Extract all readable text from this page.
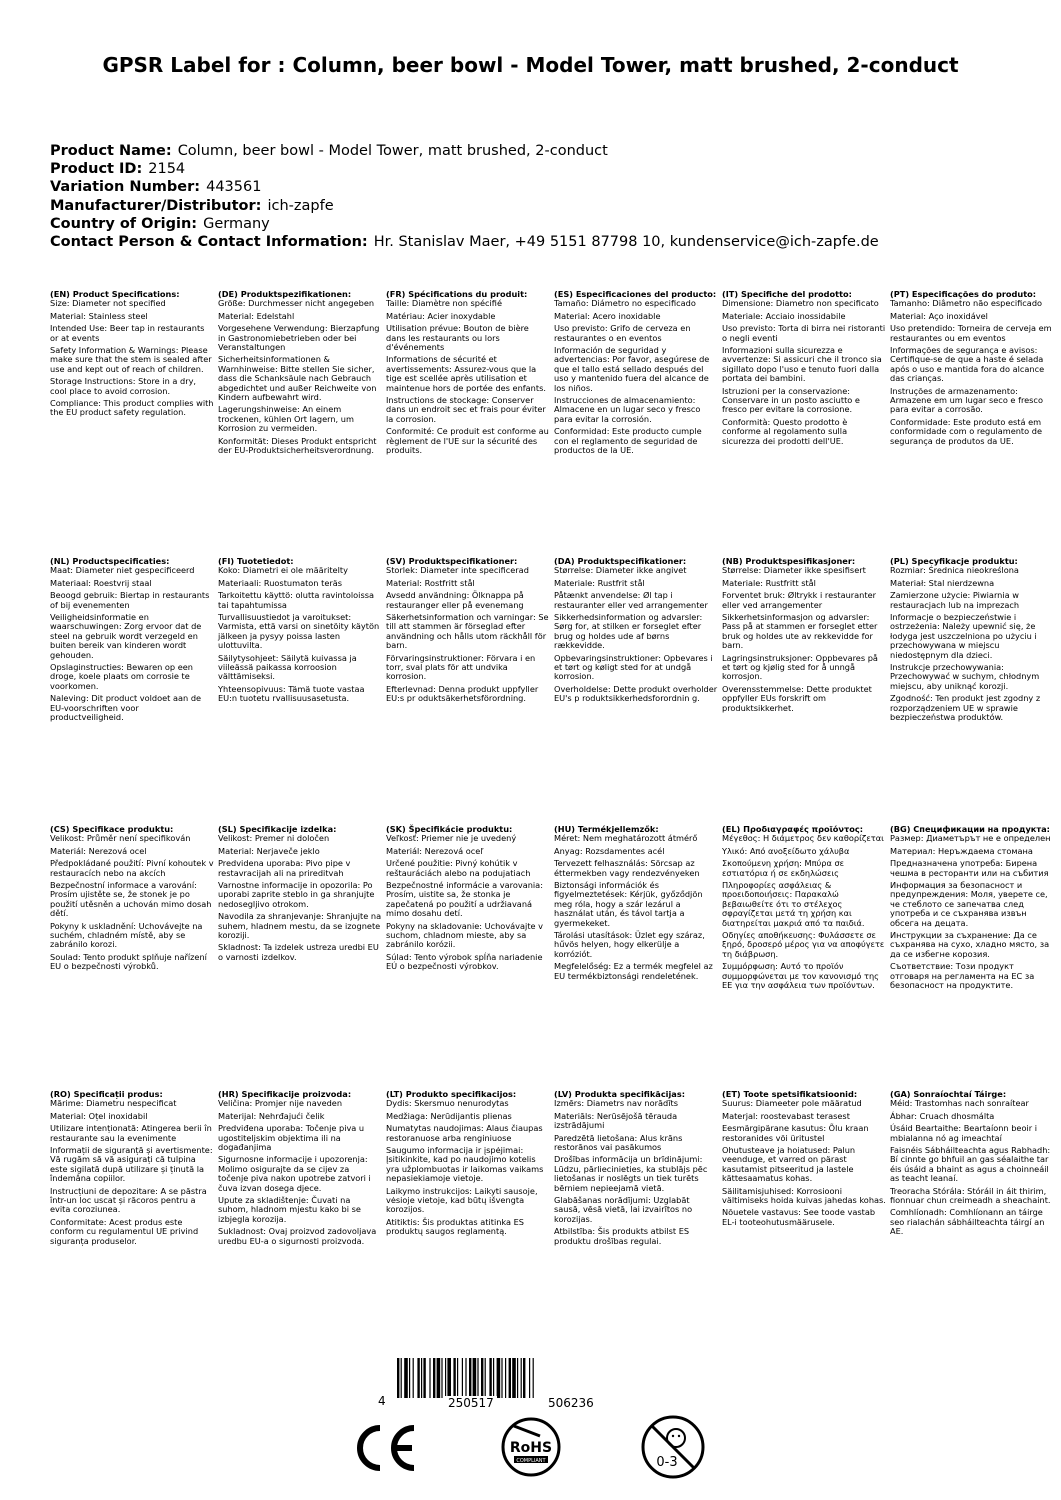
GPSR Label for : Column, beer bowl - Model Tower, matt brushed, 2-conduct
Product Name: Column, beer bowl - Model Tower, matt brushed, 2-conduct
Product ID: 2154
Variation Number: 443561
Manufacturer/Distributor: ich-zapfe
Country of Origin: Germany
Contact Person & Contact Information: Hr. Stanislav Maer, +49 5151 87798 10, kundenservice@ich-zapfe.de
(EN) Product Specifications:
Size: Diameter not specified
Material: Stainless steel
Intended Use: Beer tap in restaurants or at events
Safety Information & Warnings: Please make sure that the stem is sealed after use and kept out of reach of children.
Storage Instructions: Store in a dry, cool place to avoid corrosion.
Compliance: This product complies with the EU product safety regulation.
(DE) Produktspezifikationen:
Größe: Durchmesser nicht angegeben
Material: Edelstahl
Vorgesehene Verwendung: Bierzapfung in Gastronomiebetrieben oder bei Veranstaltungen
Sicherheitsinformationen & Warnhinweise: Bitte stellen Sie sicher, dass die Schanksäule nach Gebrauch abgedichtet und außer Reichweite von Kindern aufbewahrt wird.
Lagerungshinweise: An einem trockenen, kühlen Ort lagern, um Korrosion zu vermeiden.
Konformität: Dieses Produkt entspricht der EU-Produktsicherheitsverordnung.
(FR) Spécifications du produit:
Taille: Diamètre non spécifié
Matériau: Acier inoxydable
Utilisation prévue: Bouton de bière dans les restaurants ou lors d'événements
Informations de sécurité et avertissements: Assurez-vous que la tige est scellée après utilisation et maintenue hors de portée des enfants.
Instructions de stockage: Conserver dans un endroit sec et frais pour éviter la corrosion.
Conformité: Ce produit est conforme au règlement de l'UE sur la sécurité des produits.
(ES) Especificaciones del producto:
Tamaño: Diámetro no especificado
Material: Acero inoxidable
Uso previsto: Grifo de cerveza en restaurantes o en eventos
Información de seguridad y advertencias: Por favor, asegúrese de que el tallo está sellado después del uso y mantenido fuera del alcance de los niños.
Instrucciones de almacenamiento: Almacene en un lugar seco y fresco para evitar la corrosión.
Conformidad: Este producto cumple con el reglamento de seguridad de productos de la UE.
(IT) Specifiche del prodotto:
Dimensione: Diametro non specificato
Materiale: Acciaio inossidabile
Uso previsto: Torta di birra nei ristoranti o negli eventi
Informazioni sulla sicurezza e avvertenze: Si assicuri che il tronco sia sigillato dopo l'uso e tenuto fuori dalla portata dei bambini.
Istruzioni per la conservazione: Conservare in un posto asciutto e fresco per evitare la corrosione.
Conformità: Questo prodotto è conforme al regolamento sulla sicurezza dei prodotti dell'UE.
(PT) Especificações do produto:
Tamanho: Diâmetro não especificado
Material: Aço inoxidável
Uso pretendido: Torneira de cerveja em restaurantes ou em eventos
Informações de segurança e avisos: Certifique-se de que a haste é selada após o uso e mantida fora do alcance das crianças.
Instruções de armazenamento: Armazene em um lugar seco e fresco para evitar a corrosão.
Conformidade: Este produto está em conformidade com o regulamento de segurança de produtos da UE.
(NL) Productspecificaties:
Maat: Diameter niet gespecificeerd
Materiaal: Roestvrij staal
Beoogd gebruik: Biertap in restaurants of bij evenementen
Veiligheidsinformatie en waarschuwingen: Zorg ervoor dat de steel na gebruik wordt verzegeld en buiten bereik van kinderen wordt gehouden.
Opslaginstructies: Bewaren op een droge, koele plaats om corrosie te voorkomen.
Naleving: Dit product voldoet aan de EU-voorschriften voor productveiligheid.
(FI) Tuotetiedot:
Koko: Diametri ei ole määritelty
Materiaali: Ruostumaton teräs
Tarkoitettu käyttö: olutta ravintoloissa tai tapahtumissa
Turvallisuustiedot ja varoitukset: Varmista, että varsi on sinetöity käytön jälkeen ja pysyy poissa lasten ulottuvilta.
Säilytysohjeet: Säilytä kuivassa ja viileässä paikassa korroosion välttämiseksi.
Yhteensopivuus: Tämä tuote vastaa EU:n tuotetu rvallisuusasetusta.
(SV) Produktspecifikationer:
Storlek: Diameter inte specificerad
Material: Rostfritt stål
Avsedd användning: Ölknappa på restauranger eller på evenemang
Säkerhetsinformation och varningar: Se till att stammen är förseglad efter användning och hålls utom räckhåll för barn.
Förvaringsinstruktioner: Förvara i en torr, sval plats för att undvika korrosion.
Efterlevnad: Denna produkt uppfyller EU:s pr oduktsäkerhetsförordning.
(DA) Produktspecifikationer:
Størrelse: Diameter ikke angivet
Materiale: Rustfrit stål
Påtænkt anvendelse: Øl tap i restauranter eller ved arrangementer
Sikkerhedsinformation og advarsler: Sørg for, at stilken er forseglet efter brug og holdes ude af børns rækkevidde.
Opbevaringsinstruktioner: Opbevares i et tørt og køligt sted for at undgå korrosion.
Overholdelse: Dette produkt overholder EU's p roduktsikkerhedsforordnin g.
(NB) Produktspesifikasjoner:
Størrelse: Diameter ikke spesifisert
Materiale: Rustfritt stål
Forventet bruk: Øltrykk i restauranter eller ved arrangementer
Sikkerhetsinformasjon og advarsler: Pass på at stammen er forseglet etter bruk og holdes ute av rekkevidde for barn.
Lagringsinstruksjoner: Oppbevares på et tørt og kjølig sted for å unngå korrosjon.
Overensstemmelse: Dette produktet oppfyller EUs forskrift om produktsikkerhet.
(PL) Specyfikacje produktu:
Rozmiar: Średnica nieokreślona
Materiał: Stal nierdzewna
Zamierzone użycie: Piwiarnia w restauracjach lub na imprezach
Informacje o bezpieczeństwie i ostrzeżenia: Należy upewnić się, że łodyga jest uszczelniona po użyciu i przechowywana w miejscu niedostępnym dla dzieci.
Instrukcje przechowywania: Przechowywać w suchym, chłodnym miejscu, aby uniknąć korozji.
Zgodność: Ten produkt jest zgodny z rozporządzeniem UE w sprawie bezpieczeństwa produktów.
(CS) Specifikace produktu:
Velikost: Průměr není specifikován
Materiál: Nerezová ocel
Předpokládané použití: Pivní kohoutek v restauracích nebo na akcích
Bezpečnostní informace a varování: Prosím ujistěte se, že stonek je po použití utěsněn a uchován mimo dosah dětí.
Pokyny k uskladnění: Uchovávejte na suchém, chladném místě, aby se zabránilo korozi.
Soulad: Tento produkt splňuje nařízení EU o bezpečnosti výrobků.
(SL) Specifikacije izdelka:
Velikost: Premer ni določen
Material: Nerjaveče jeklo
Predvidena uporaba: Pivo pipe v restavracijah ali na prireditvah
Varnostne informacije in opozorila: Po uporabi zaprite steblo in ga shranjujte nedosegljivo otrokom.
Navodila za shranjevanje: Shranjujte na suhem, hladnem mestu, da se izognete koroziji.
Skladnost: Ta izdelek ustreza uredbi EU o varnosti izdelkov.
(SK) Špecifikácie produktu:
Veľkosť: Priemer nie je uvedený
Materiál: Nerezová oceľ
Určené použitie: Pivný kohútik v reštauráciách alebo na podujatiach
Bezpečnostné informácie a varovania: Prosím, uistite sa, že stonka je zapečatená po použití a udržiavaná mimo dosahu detí.
Pokyny na skladovanie: Uchovávajte v suchom, chladnom mieste, aby sa zabránilo korózii.
Súlad: Tento výrobok spĺňa nariadenie EÚ o bezpečnosti výrobkov.
(HU) Termékjellemzők:
Méret: Nem meghatározott átmérő
Anyag: Rozsdamentes acél
Tervezett felhasználás: Sörcsap az éttermekben vagy rendezvényeken
Biztonsági információk és figyelmeztetések: Kérjük, győződjön meg róla, hogy a szár lezárul a használat után, és távol tartja a gyermekeket.
Tárolási utasítások: Üzlet egy száraz, hűvös helyen, hogy elkerülje a korróziót.
Megfelelőség: Ez a termék megfelel az EU termékbiztonsági rendeletének.
(EL) Προδιαγραφές προϊόντος:
Μέγεθος: Η διάμετρος δεν καθορίζεται
Υλικό: Από ανοξείδωτο χάλυβα
Σκοπούμενη χρήση: Μπύρα σε εστιατόρια ή σε εκδηλώσεις
Πληροφορίες ασφάλειας & προειδοποιήσεις: Παρακαλώ βεβαιωθείτε ότι το στέλεχος σφραγίζεται μετά τη χρήση και διατηρείται μακριά από τα παιδιά.
Οδηγίες αποθήκευσης: Φυλάσσετε σε ξηρό, δροσερό μέρος για να αποφύγετε τη διάβρωση.
Συμμόρφωση: Αυτό το προϊόν συμμορφώνεται με τον κανονισμό της ΕΕ για την ασφάλεια των προϊόντων.
(BG) Спецификации на продукта:
Размер: Диаметърът не е определен
Материал: Неръждаема стомана
Предназначена употреба: Бирена чешма в ресторанти или на събития
Информация за безопасност и предупреждения: Моля, уверете се, че стеблото се запечатва след употреба и се съхранява извън обсега на децата.
Инструкции за съхранение: Да се съхранява на сухо, хладно място, за да се избегне корозия.
Съответствие: Този продукт отговаря на регламента на ЕС за безопасност на продуктите.
(RO) Specificații produs:
Mărime: Diametru nespecificat
Material: Oțel inoxidabil
Utilizare intenționată: Atingerea berii în restaurante sau la evenimente
Informații de siguranță și avertismente: Vă rugăm să vă asigurați că tulpina este sigilată după utilizare și ținută la îndemâna copiilor.
Instrucțiuni de depozitare: A se păstra într-un loc uscat și răcoros pentru a evita coroziunea.
Conformitate: Acest produs este conform cu regulamentul UE privind siguranța produselor.
(HR) Specifikacije proizvoda:
Veličina: Promjer nije naveden
Materijal: Nehrđajući čelik
Predviđena uporaba: Točenje piva u ugostiteljskim objektima ili na događanjima
Sigurnosne informacije i upozorenja: Molimo osigurajte da se cijev za točenje piva nakon upotrebe zatvori i čuva izvan dosega djece.
Upute za skladištenje: Čuvati na suhom, hladnom mjestu kako bi se izbjegla korozija.
Sukladnost: Ovaj proizvod zadovoljava uredbu EU-a o sigurnosti proizvoda.
(LT) Produkto specifikacijos:
Dydis: Skersmuo nenurodytas
Medžiaga: Nerūdijantis plienas
Numatytas naudojimas: Alaus čiaupas restoranuose arba renginiuose
Saugumo informacija ir įspėjimai: Įsitikinkite, kad po naudojimo kotelis yra užplombuotas ir laikomas vaikams nepasiekiamoje vietoje.
Laikymo instrukcijos: Laikyti sausoje, vėsioje vietoje, kad būtų išvengta korozijos.
Atitiktis: Šis produktas atitinka ES produktų saugos reglamentą.
(LV) Produkta specifikācijas:
Izmērs: Diametrs nav norādīts
Materiāls: Nerūsējošā tērauda izstrādājumi
Paredzētā lietošana: Alus krāns restorānos vai pasākumos
Drošības informācija un brīdinājumi: Lūdzu, pārliecinieties, ka stublājs pēc lietošanas ir noslēgts un tiek turēts bērniem nepieejamā vietā.
Glabāšanas norādījumi: Uzglabāt sausā, vēsā vietā, lai izvairītos no korozijas.
Atbilstība: Šis produkts atbilst ES produktu drošības regulai.
(ET) Toote spetsifikatsioonid:
Suurus: Diameeter pole määratud
Materjal: roostevabast terasest
Eesmärgipärane kasutus: Õlu kraan restoranides või üritustel
Ohutusteave ja hoiatused: Palun veenduge, et varred on pärast kasutamist pitseeritud ja lastele kättesaamatus kohas.
Säilitamisjuhised: Korrosiooni vältimiseks hoida kuivas jahedas kohas.
Nõuetele vastavus: See toode vastab EL-i tooteohutusmäärusele.
(GA) Sonraíochtaí Táirge:
Méid: Trastomhas nach sonraítear
Ábhar: Cruach dhosmálta
Úsáid Beartaithe: Beartaíonn beoir i mbialanna nó ag imeachtaí
Faisnéis Sábháilteachta agus Rabhadh: Bí cinnte go bhfuil an gas séalaithe tar éis úsáid a bhaint as agus a choinneáil as teacht leanaí.
Treoracha Stórála: Stóráil in áit thirim, fionnuar chun creimeadh a sheachaint.
Comhlíonadh: Comhlíonann an táirge seo rialachán sábháilteachta táirgí an AE.
4	250517	506236
RoHS
COMPLIANT	0-3
